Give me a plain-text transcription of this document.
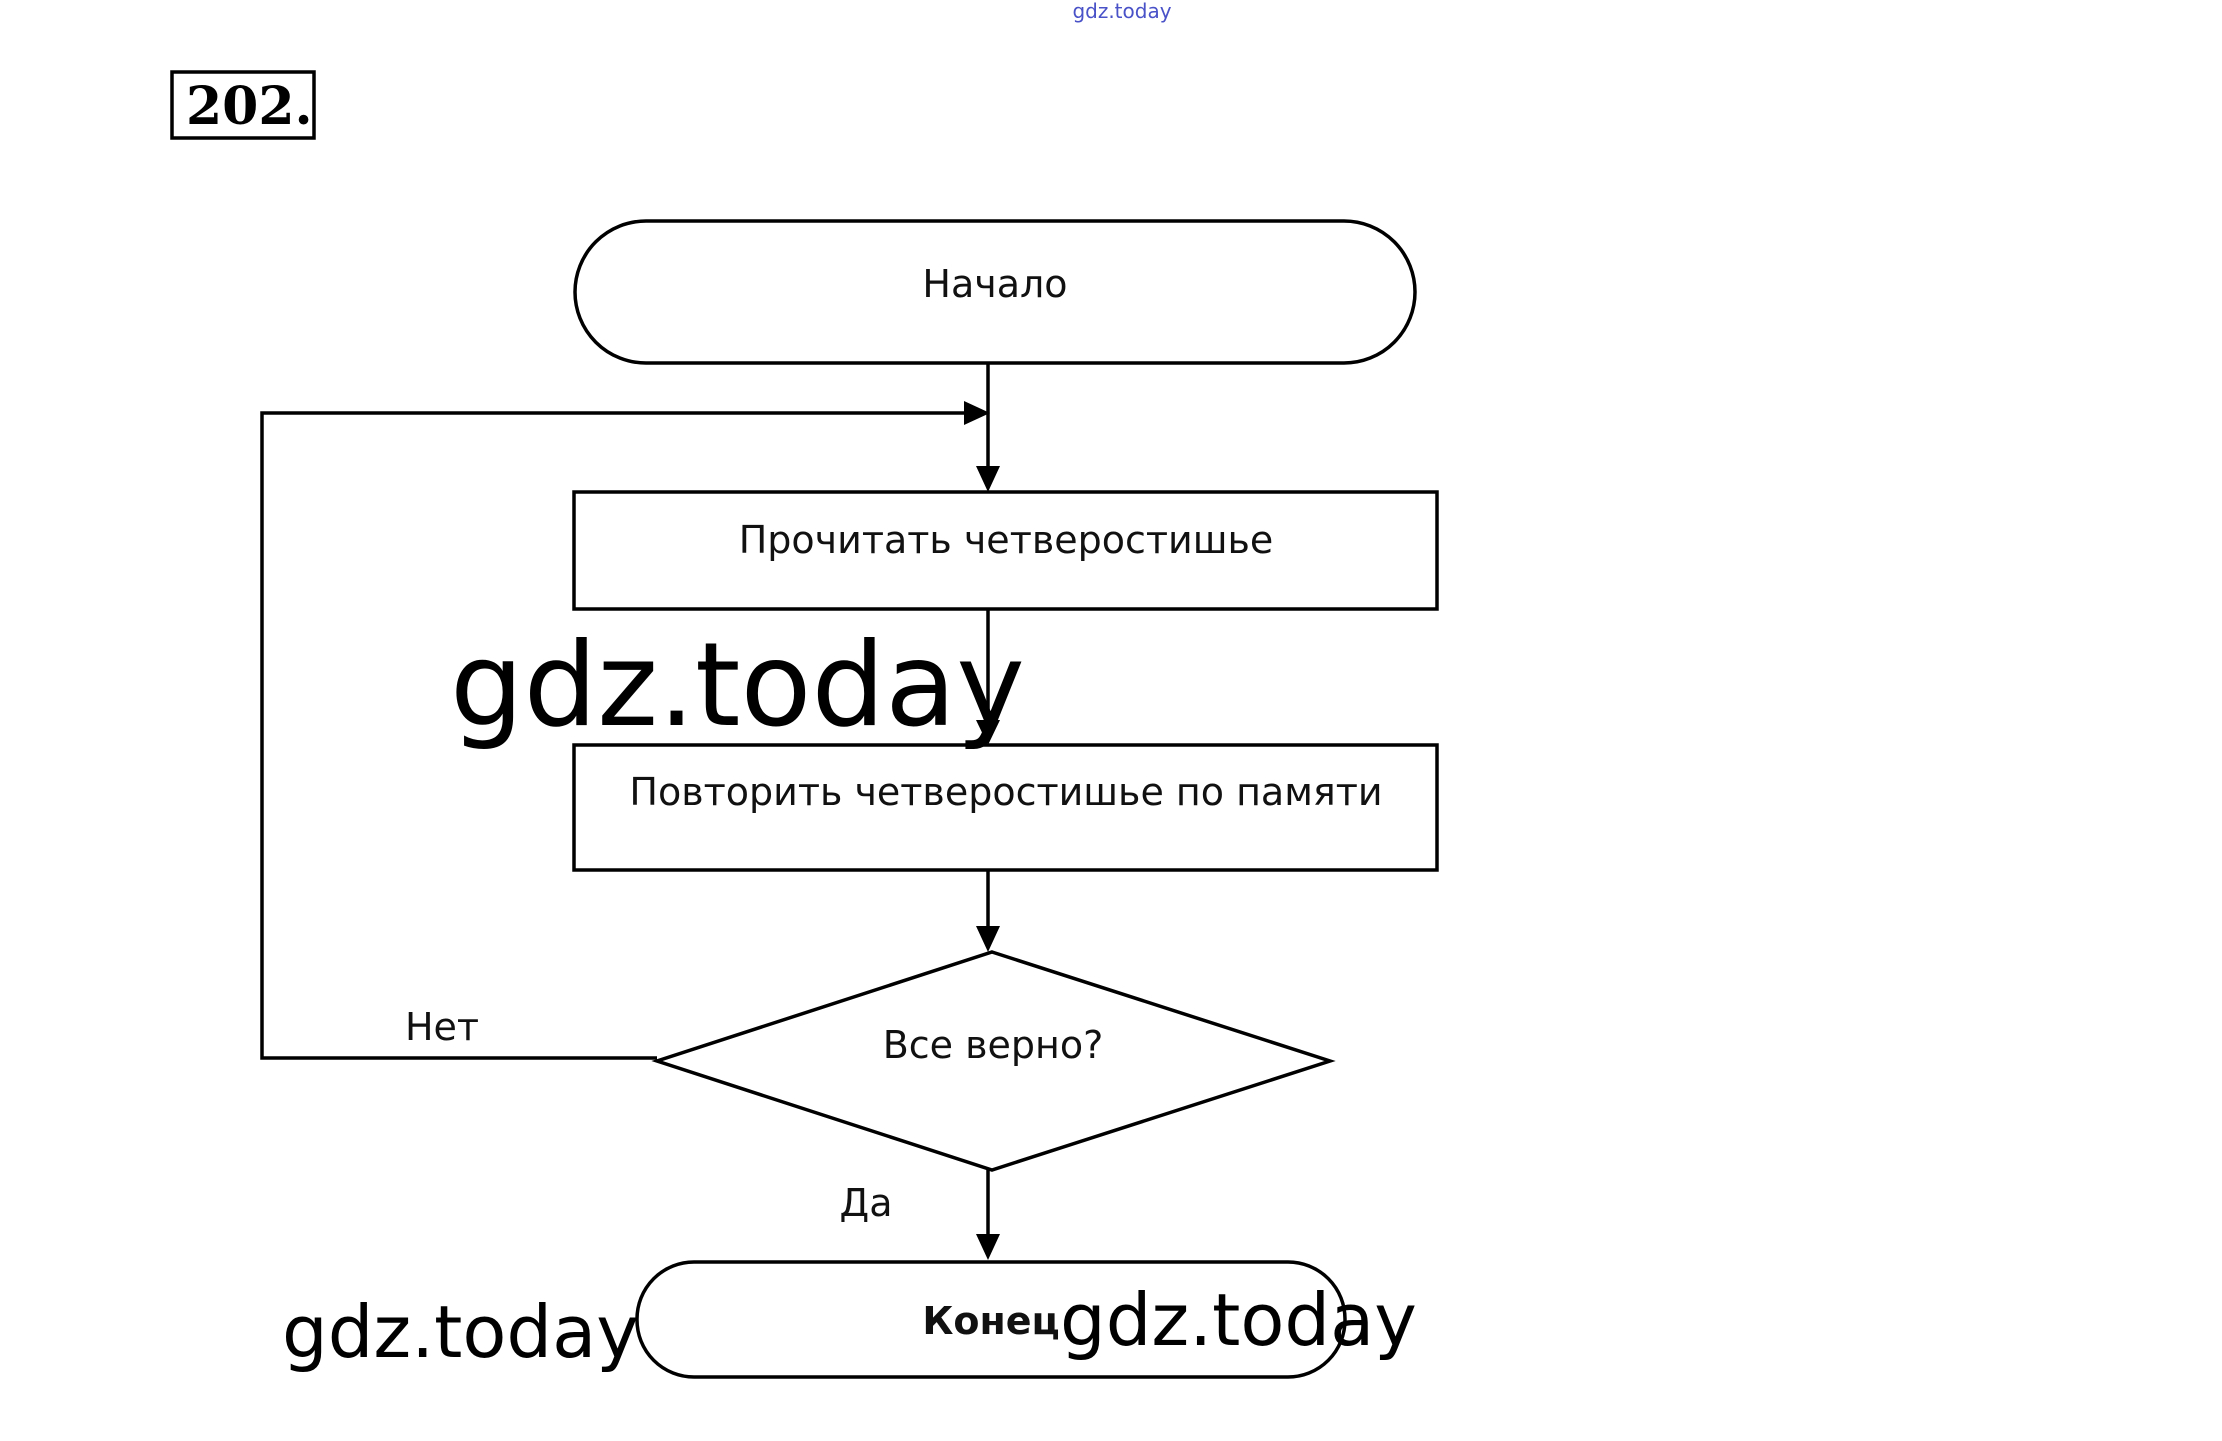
gdz.today
202.
Начало
Прочитать четверостишье
Повторить четверостишье по памяти
Все верно?
Нет
Да
Конец
gdz.today
gdz.today	gdz.today
